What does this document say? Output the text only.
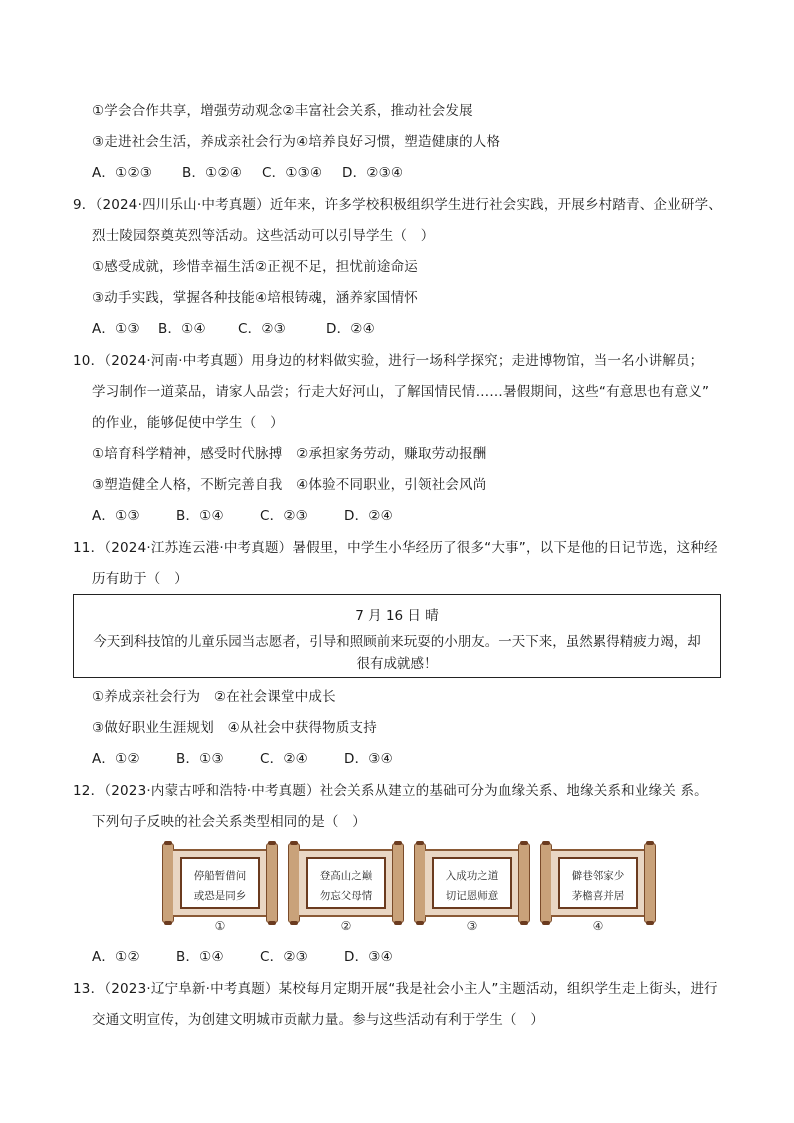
①学会合作共享，增强劳动观念②丰富社会关系，推动社会发展
③走进社会生活，养成亲社会行为④培养良好习惯，塑造健康的人格
A．①②③ B．①②④ C．①③④ D．②③④
9．（2024·四川乐山·中考真题）近年来，许多学校积极组织学生进行社会实践，开展乡村踏青、企业研学、
烈士陵园祭奠英烈等活动。这些活动可以引导学生（　）
①感受成就，珍惜幸福生活②正视不足，担忧前途命运
③动手实践，掌握各种技能④培根铸魂，涵养家国情怀
A．①③ B．①④ C．②③	D．②④
10．（2024·河南·中考真题）用身边的材料做实验，进行一场科学探究；走进博物馆，当一名小讲解员；
学习制作一道菜品，请家人品尝；行走大好河山，了解国情民情……暑假期间，这些“有意思也有意义”
的作业，能够促使中学生（　）
①培育科学精神，感受时代脉搏　②承担家务劳动，赚取劳动报酬
③塑造健全人格，不断完善自我　④体验不同职业，引领社会风尚
A．①③	B．①④	C．②③	D．②④
11．（2024·江苏连云港·中考真题）暑假里，中学生小华经历了很多“大事”，以下是他的日记节选，这种经
历有助于（　）
7 月 16 日 晴
今天到科技馆的儿童乐园当志愿者，引导和照顾前来玩耍的小朋友。一天下来，虽然累得精疲力竭，却很有成就感！
①养成亲社会行为　②在社会课堂中成长
③做好职业生涯规划　④从社会中获得物质支持
A．①②	B．①③	C．②④	D．③④
12．（2023·内蒙古呼和浩特·中考真题）社会关系从建立的基础可分为血缘关系、地缘关系和业缘关 系。
下列句子反映的社会关系类型相同的是（　）
停船暂借问
或恐是同乡
登高山之巅
勿忘父母情
入成功之道
切记恩师意
僻巷邻家少
茅檐喜并居
①	②	③	④
A．①②	B．①④	C．②③	D．③④
13．（2023·辽宁阜新·中考真题）某校每月定期开展“我是社会小主人”主题活动，组织学生走上街头，进行
交通文明宣传，为创建文明城市贡献力量。参与这些活动有利于学生（　）
